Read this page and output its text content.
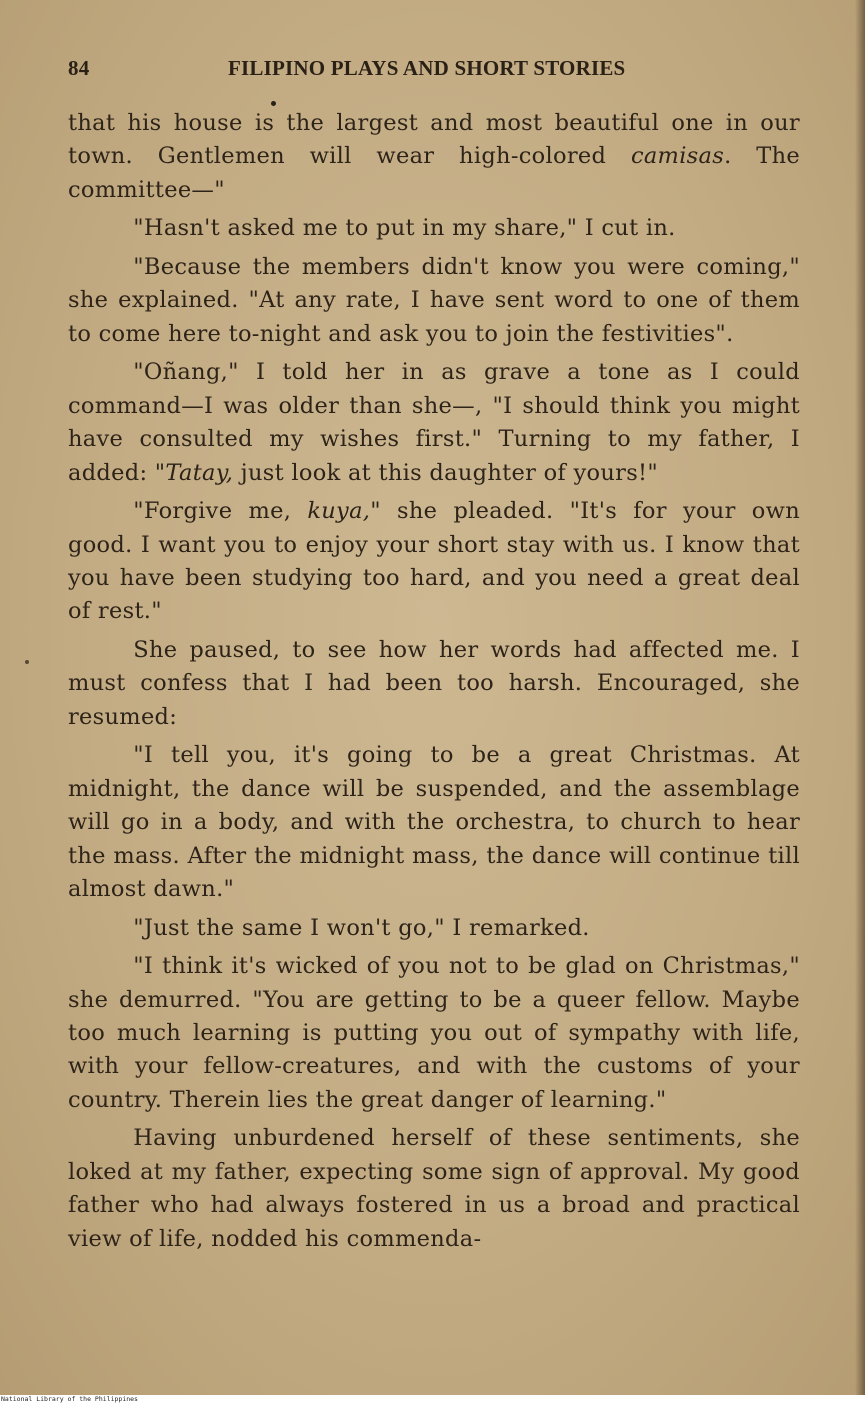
84	FILIPINO PLAYS AND SHORT STORIES

that his house is the largest and most beautiful one in our town. Gentlemen will wear high-colored camisas. The committee—"

"Hasn't asked me to put in my share," I cut in.

"Because the members didn't know you were coming," she explained. "At any rate, I have sent word to one of them to come here to-night and ask you to join the festivities".

"Oñang," I told her in as grave a tone as I could command—I was older than she—, "I should think you might have consulted my wishes first." Turning to my father, I added: "Tatay, just look at this daughter of yours!"

"Forgive me, kuya," she pleaded. "It's for your own good. I want you to enjoy your short stay with us. I know that you have been studying too hard, and you need a great deal of rest."

She paused, to see how her words had affected me. I must confess that I had been too harsh. Encouraged, she resumed:

"I tell you, it's going to be a great Christmas. At midnight, the dance will be suspended, and the assemblage will go in a body, and with the orchestra, to church to hear the mass. After the midnight mass, the dance will continue till almost dawn."

"Just the same I won't go," I remarked.

"I think it's wicked of you not to be glad on Christmas," she demurred. "You are getting to be a queer fellow. Maybe too much learning is putting you out of sympathy with life, with your fellow-creatures, and with the customs of your country. Therein lies the great danger of learning."

Having unburdened herself of these sentiments, she loked at my father, expecting some sign of approval. My good father who had always fostered in us a broad and practical view of life, nodded his commenda-

National Library of the Philippines
